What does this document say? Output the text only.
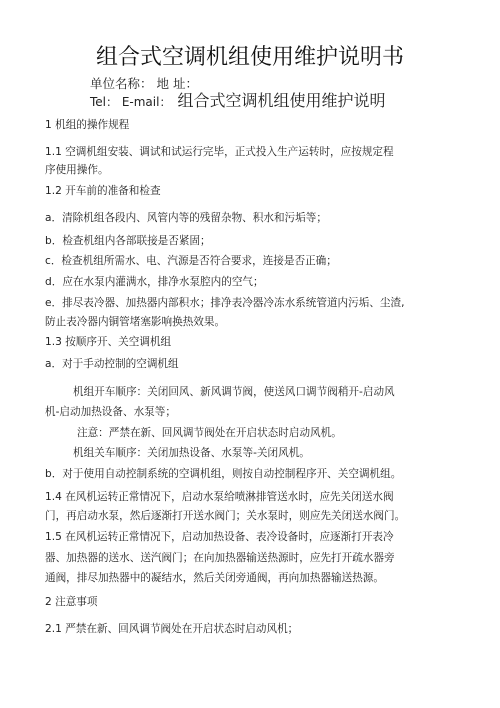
组合式空调机组使用维护说明书
单位名称： 地 址：
Tel： E-mail： 组合式空调机组使用维护说明
1 机组的操作规程
1.1 空调机组安装、调试和试运行完毕，正式投入生产运转时，应按规定程
序使用操作。
1.2 开车前的准备和检查
a．清除机组各段内、风管内等的残留杂物、积水和污垢等；
b．检查机组内各部联接是否紧固；
c．检查机组所需水、电、汽源是否符合要求，连接是否正确；
d．应在水泵内灌满水，排净水泵腔内的空气；
e．排尽表冷器、加热器内部积水；排净表冷器冷冻水系统管道内污垢、尘渣,
防止表冷器内铜管堵塞影响换热效果。
1.3 按顺序开、关空调机组
a．对于手动控制的空调机组
机组开车顺序：关闭回风、新风调节阀，使送风口调节阀稍开-启动风
机-启动加热设备、水泵等；
注意：严禁在新、回风调节阀处在开启状态时启动风机。
机组关车顺序：关闭加热设备、水泵等-关闭风机。
b．对于使用自动控制系统的空调机组，则按自动控制程序开、关空调机组。
1.4 在风机运转正常情况下，启动水泵给喷淋排管送水时，应先关闭送水阀
门，再启动水泵，然后逐渐打开送水阀门；关水泵时，则应先关闭送水阀门。
1.5 在风机运转正常情况下，启动加热设备、表冷设备时，应逐渐打开表冷
器、加热器的送水、送汽阀门；在向加热器输送热源时，应先打开疏水器旁
通阀，排尽加热器中的凝结水，然后关闭旁通阀，再向加热器输送热源。
2 注意事项
2.1 严禁在新、回风调节阀处在开启状态时启动风机；
